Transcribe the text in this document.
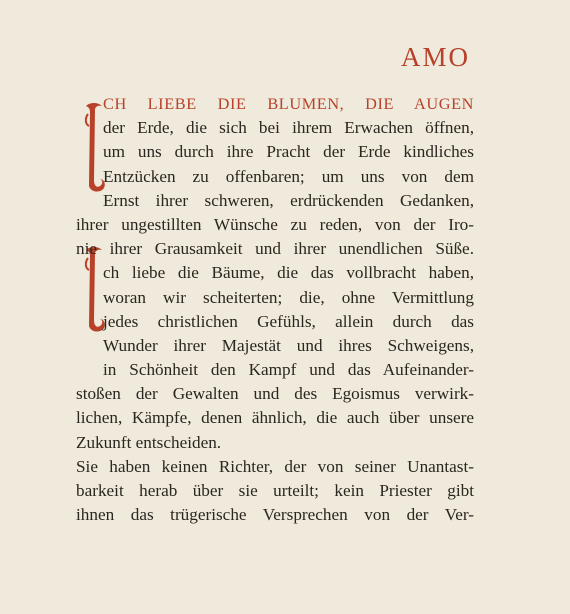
AMO
CH LIEBE DIE BLUMEN, DIE AUGEN
der Erde, die sich bei ihrem Erwachen öffnen,
um uns durch ihre Pracht der Erde kindliches
Entzücken zu offenbaren; um uns von dem
Ernst ihrer schweren, erdrückenden Gedanken,
ihrer ungestillten Wünsche zu reden, von der Iro-
nie ihrer Grausamkeit und ihrer unendlichen Süße.
ch liebe die Bäume, die das vollbracht haben,
woran wir scheiterten; die, ohne Vermittlung
jedes christlichen Gefühls, allein durch das
Wunder ihrer Majestät und ihres Schweigens,
in Schönheit den Kampf und das Aufeinander-
stoßen der Gewalten und des Egoismus verwirk-
lichen, Kämpfe, denen ähnlich, die auch über unsere
Zukunft entscheiden.
Sie haben keinen Richter, der von seiner Unantast-
barkeit herab über sie urteilt; kein Priester gibt
ihnen das trügerische Versprechen von der Ver-
